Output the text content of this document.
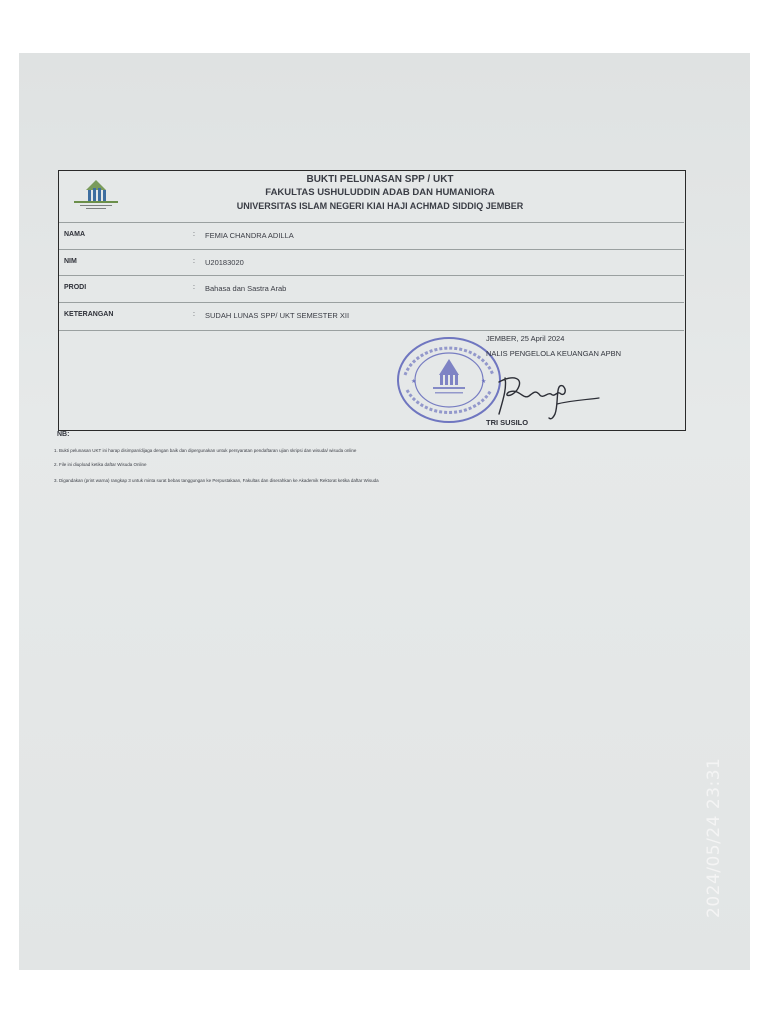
BUKTI PELUNASAN SPP / UKT
FAKULTAS USHULUDDIN ADAB DAN HUMANIORA
UNIVERSITAS ISLAM NEGERI KIAI HAJI ACHMAD SIDDIQ JEMBER
NAMA	: FEMIA CHANDRA ADILLA
NIM	: U20183020
PRODI	: Bahasa dan Sastra Arab
KETERANGAN	: SUDAH LUNAS SPP/ UKT SEMESTER XII
★	★
JEMBER, 25 April 2024
NALIS PENGELOLA KEUANGAN APBN
TRI SUSILO
NB:
1. Bukti pelunasan UKT ini harap disimpan/dijaga dengan baik dan dipergunakan untuk persyaratan pendaftaran ujian skripsi dan wisuda/ wisuda online
2. File ini diupload ketika daftar Wisuda Online
3. Digandakan (print warna) rangkap 3 untuk minta surat bebas tanggungan ke Perpustakaan, Fakultas dan diserahkan ke Akademik Rektorat ketika daftar Wisuda
2024/05/24 23:31
